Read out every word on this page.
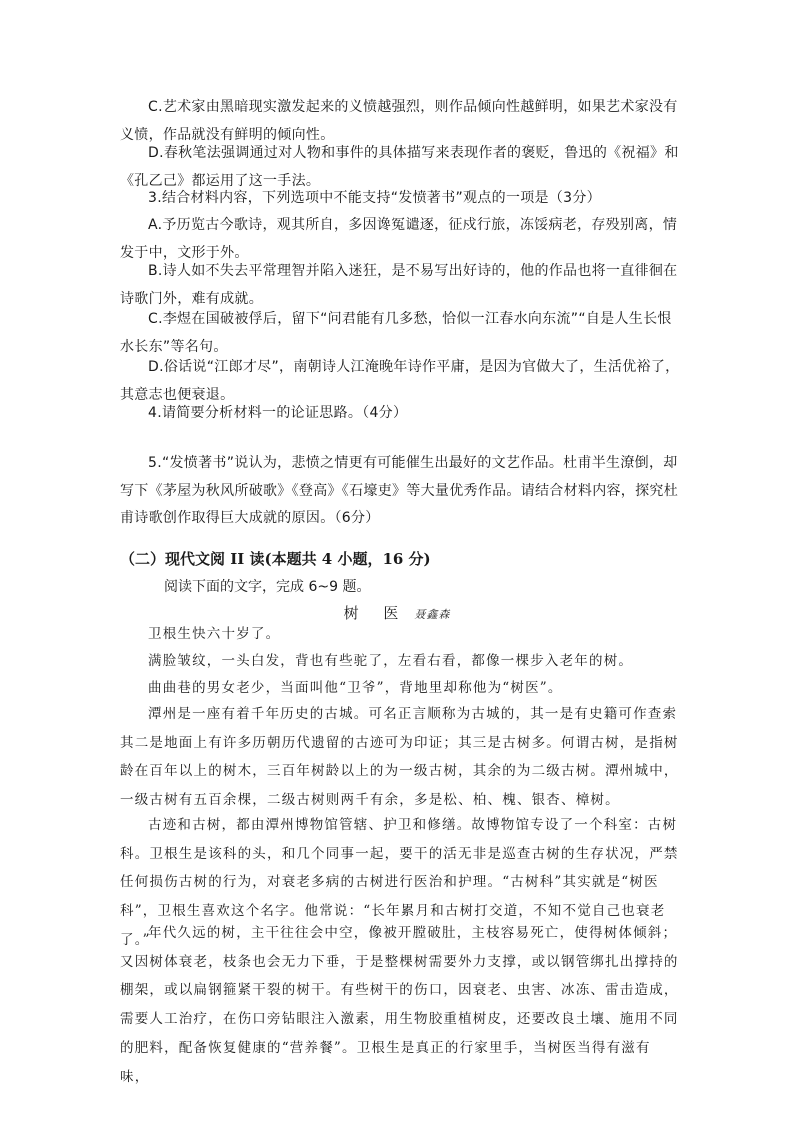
C.艺术家由黑暗现实激发起来的义愤越强烈，则作品倾向性越鲜明，如果艺术家没有义愤，作品就没有鲜明的倾向性。

D.春秋笔法强调通过对人物和事件的具体描写来表现作者的褒贬，鲁迅的《祝福》和《孔乙己》都运用了这一手法。

3.结合材料内容，下列选项中不能支持“发愤著书”观点的一项是（3分）

A.予历览古今歌诗，观其所自，多因谗冤谴逐，征戍行旅，冻馁病老，存殁别离，情发于中，文形于外。

B.诗人如不失去平常理智并陷入迷狂，是不易写出好诗的，他的作品也将一直徘徊在诗歌门外，难有成就。

C.李煜在国破被俘后，留下“问君能有几多愁，恰似一江春水向东流”“自是人生长恨水长东”等名句。

D.俗话说“江郎才尽”，南朝诗人江淹晚年诗作平庸，是因为官做大了，生活优裕了，其意志也便衰退。

4.请简要分析材料一的论证思路。（4分）

5.“发愤著书”说认为，悲愤之情更有可能催生出最好的文艺作品。杜甫半生潦倒，却写下《茅屋为秋风所破歌》《登高》《石壕吏》等大量优秀作品。请结合材料内容，探究杜甫诗歌创作取得巨大成就的原因。（6分）

（二）现代文阅 II 读(本题共 4 小题，16 分)
阅读下面的文字，完成 6~9 题。
树 医 聂鑫森

卫根生快六十岁了。

满脸皱纹，一头白发，背也有些驼了，左看右看，都像一棵步入老年的树。

曲曲巷的男女老少，当面叫他“卫爷”，背地里却称他为“树医”。

潭州是一座有着千年历史的古城。可名正言顺称为古城的，其一是有史籍可作查索其二是地面上有许多历朝历代遗留的古迹可为印证；其三是古树多。何谓古树，是指树龄在百年以上的树木，三百年树龄以上的为一级古树，其余的为二级古树。潭州城中，一级古树有五百余棵，二级古树则两千有余，多是松、柏、槐、银杏、樟树。

古迹和古树，都由潭州博物馆管辖、护卫和修缮。故博物馆专设了一个科室：古树科。卫根生是该科的头，和几个同事一起，要干的活无非是巡查古树的生存状况，严禁任何损伤古树的行为，对衰老多病的古树进行医治和护理。“古树科”其实就是“树医科”，卫根生喜欢这个名字。他常说：“长年累月和古树打交道，不知不觉自己也衰老了。”

年代久远的树，主干往往会中空，像被开膛破肚，主枝容易死亡，使得树体倾斜；又因树体衰老，枝条也会无力下垂，于是整棵树需要外力支撑，或以钢管绑扎出撑持的棚架，或以扁钢箍紧干裂的树干。有些树干的伤口，因衰老、虫害、冰冻、雷击造成，需要人工治疗，在伤口旁钻眼注入激素，用生物胶重植树皮，还要改良土壤、施用不同的肥料，配备恢复健康的“营养餐”。卫根生是真正的行家里手，当树医当得有滋有味，
